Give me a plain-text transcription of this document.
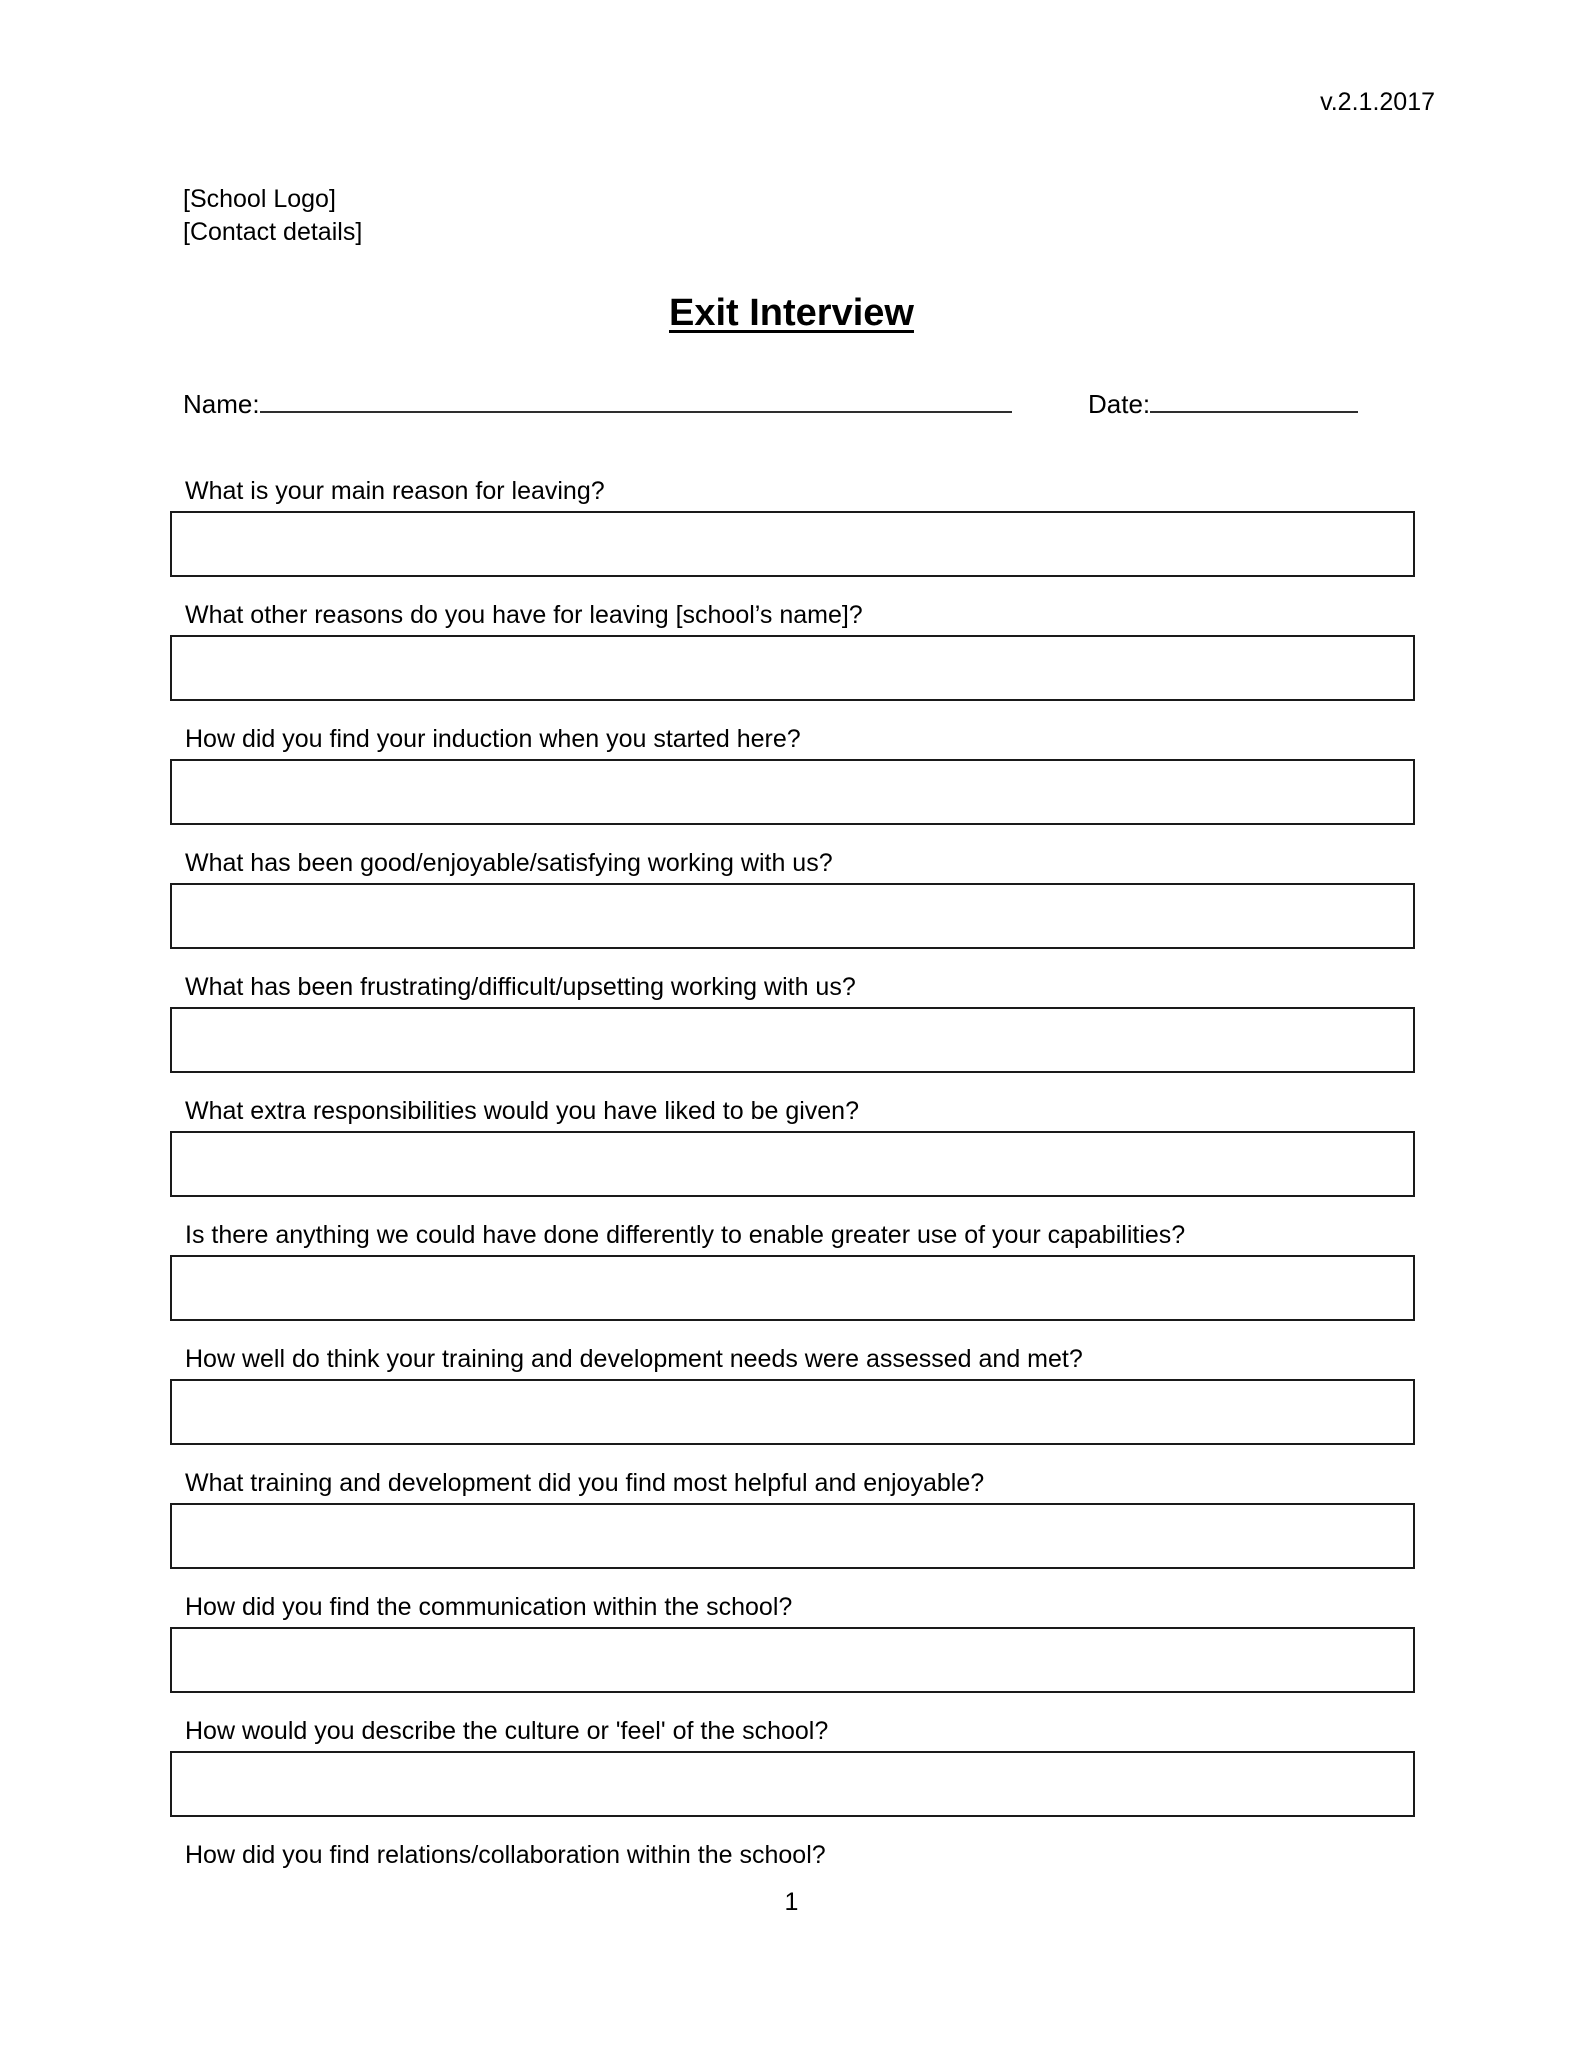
v.2.1.2017
[School Logo]
[Contact details]
Exit Interview
Name:	Date:
What is your main reason for leaving?
What other reasons do you have for leaving [school’s name]?
How did you find your induction when you started here?
What has been good/enjoyable/satisfying working with us?
What has been frustrating/difficult/upsetting working with us?
What extra responsibilities would you have liked to be given?
Is there anything we could have done differently to enable greater use of your capabilities?
How well do think your training and development needs were assessed and met?
What training and development did you find most helpful and enjoyable?
How did you find the communication within the school?
How would you describe the culture or 'feel' of the school?
How did you find relations/collaboration within the school?
1
